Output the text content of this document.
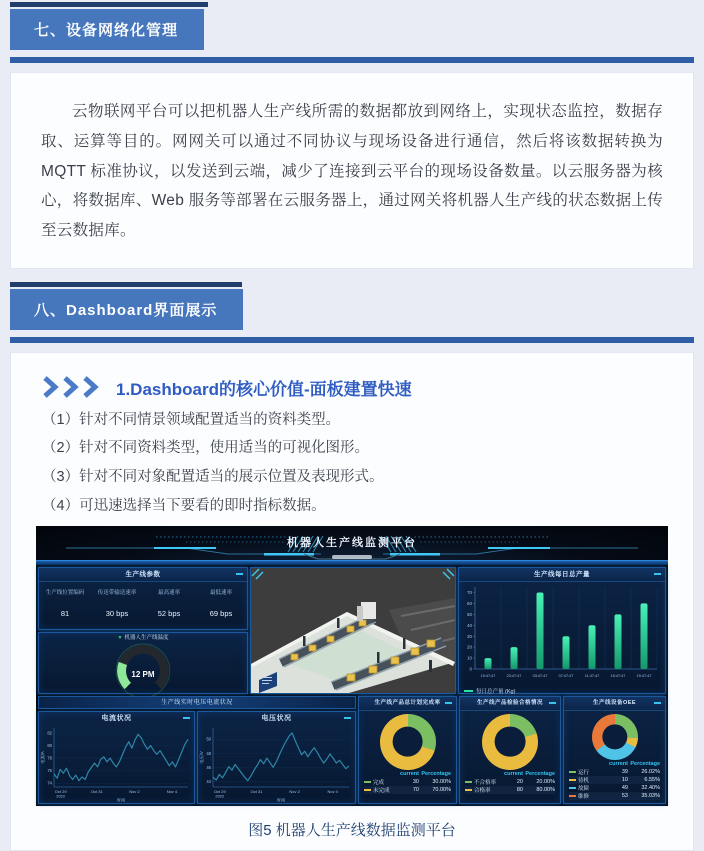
七、设备网络化管理

云物联网平台可以把机器人生产线所需的数据都放到网络上，实现状态监控，数据存取、运算等目的。网网关可以通过不同协议与现场设备进行通信，然后将该数据转换为 MQTT 标准协议，以发送到云端，减少了连接到云平台的现场设备数量。以云服务器为核心，将数据库、Web 服务等部署在云服务器上，通过网关将机器人生产线的状态数据上传至云数据库。

八、Dashboard界面展示
1.Dashboard的核心价值-面板建置快速
（1）针对不同情景领域配置适当的资料类型。
（2）针对不同资料类型，使用适当的可视化图形。
（3）针对不同对象配置适当的展示位置及表现形式。
（4）可迅速选择当下要看的即时指标数据。
机器人生产线监测平台
生产线参数
生产线位置编码
81
传送带输送速率
30 bps
最高速率
52 bps
最低速率
69 bps
▼ 机器人生产线温度
12 PM
生产线每日总产量
0
10
20
30
40
50
60
70
19:47:47	23:47:47	03:47:47	07:47:47	11:47:47	15:47:47	19:47:47
每日总产量 (Kg)
生产线实时电压电流状况
电流状况
74
76
78
80
82
Oct 29 2022
Oct 31	Nov 2	Nov 4
电流/A
时间
电压状况
44
46
48
50
Oct 29 2022
Oct 31	Nov 2	Nov 4
电压/V
时间
生产线产品总计划完成率
current Percentage
完成	30	30.00%
未完成	70	70.00%
生产线产品检验合格情况
current Percentage
不合格率	20	20.00%
合格率	80	80.00%
生产线设备OEE
current Percentage
运行	39	26.02%
待机	10	6.55%
故障	49	32.40%
维修	53	35.03%
图5 机器人生产线数据监测平台
